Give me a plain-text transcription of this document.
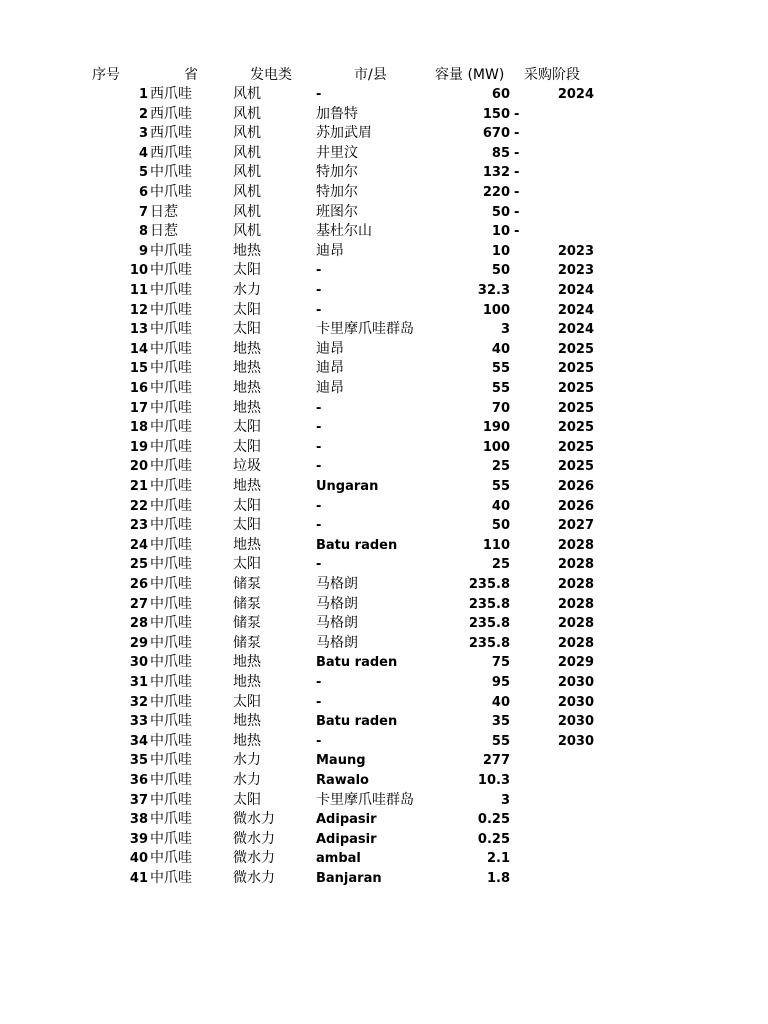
序号	省	发电类	市/县	容量 (MW) 采购阶段
1 西爪哇	风机	-	60	2024
2 西爪哇	风机	加鲁特	150 -
3 西爪哇	风机	苏加武眉	670 -
4 西爪哇	风机	井里汶	85 -
5 中爪哇	风机	特加尔	132 -
6 中爪哇	风机	特加尔	220 -
7 日惹	风机	班图尔	50 -
8 日惹	风机	基杜尔山	10 -
9 中爪哇	地热	迪昂	10	2023
10 中爪哇	太阳	-	50	2023
11 中爪哇	水力	-	32.3	2024
12 中爪哇	太阳	-	100	2024
13 中爪哇	太阳	卡里摩爪哇群岛	3	2024
14 中爪哇	地热	迪昂	40	2025
15 中爪哇	地热	迪昂	55	2025
16 中爪哇	地热	迪昂	55	2025
17 中爪哇	地热	-	70	2025
18 中爪哇	太阳	-	190	2025
19 中爪哇	太阳	-	100	2025
20 中爪哇	垃圾	-	25	2025
21 中爪哇	地热	Ungaran	55	2026
22 中爪哇	太阳	-	40	2026
23 中爪哇	太阳	-	50	2027
24 中爪哇	地热	Batu raden	110	2028
25 中爪哇	太阳	-	25	2028
26 中爪哇	储泵	马格朗	235.8	2028
27 中爪哇	储泵	马格朗	235.8	2028
28 中爪哇	储泵	马格朗	235.8	2028
29 中爪哇	储泵	马格朗	235.8	2028
30 中爪哇	地热	Batu raden	75	2029
31 中爪哇	地热	-	95	2030
32 中爪哇	太阳	-	40	2030
33 中爪哇	地热	Batu raden	35	2030
34 中爪哇	地热	-	55	2030
35 中爪哇	水力	Maung	277
36 中爪哇	水力	Rawalo	10.3
37 中爪哇	太阳	卡里摩爪哇群岛	3
38 中爪哇	微水力	Adipasir	0.25
39 中爪哇	微水力	Adipasir	0.25
40 中爪哇	微水力	ambal	2.1
41 中爪哇	微水力	Banjaran	1.8
